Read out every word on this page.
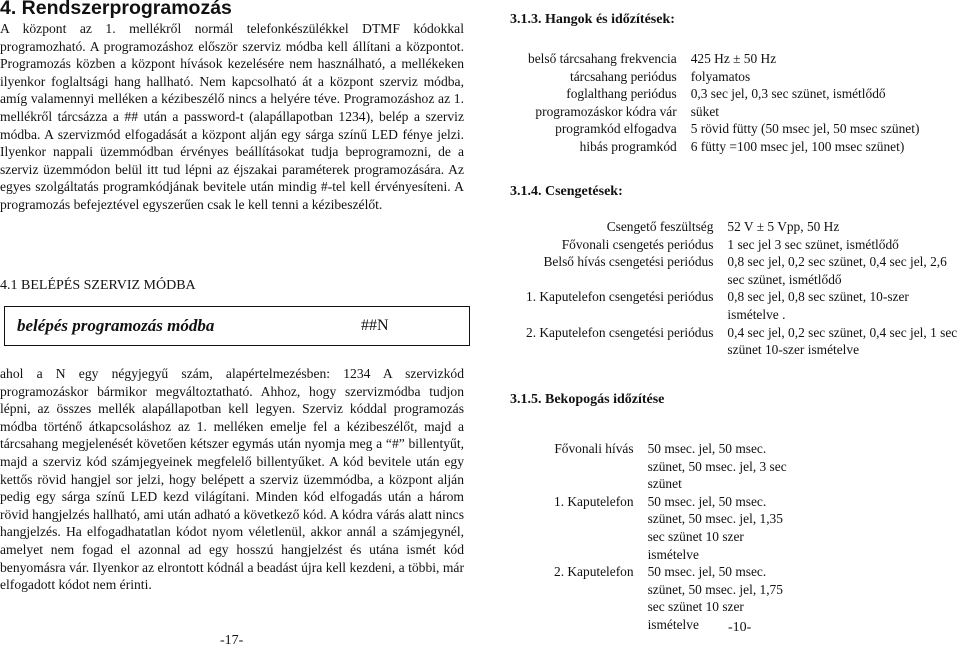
4. Rendszerprogramozás

A központ az 1. mellékről normál telefonkészülékkel DTMF kódokkal programozható. A programozáshoz először szerviz módba kell állítani a központot. Programozás közben a központ hívások kezelésére nem használható, a mellékeken ilyenkor foglaltsági hang hallható. Nem kapcsolható át a központ szerviz módba, amíg valamennyi melléken a kézibeszélő nincs a helyére téve. Programozáshoz az 1. mellékről tárcsázza a ## után a password-t (alapállapotban 1234), belép a szerviz módba. A szervizmód elfogadását a központ alján egy sárga színű LED fénye jelzi. Ilyenkor nappali üzemmódban érvényes beállításokat tudja beprogramozni, de a szerviz üzemmódon belül itt tud lépni az éjszakai paraméterek programozására. Az egyes szolgáltatás programkódjának bevitele után mindig #-tel kell érvényesíteni. A programozás befejeztével egyszerűen csak le kell tenni a kézibeszélőt.

4.1 BELÉPÉS SZERVIZ MÓDBA
belépés programozás módba	##N

ahol a N egy négyjegyű szám, alapértelmezésben: 1234 A szervizkód programozáskor bármikor megváltoztatható. Ahhoz, hogy szervizmódba tudjon lépni, az összes mellék alapállapotban kell legyen. Szerviz kóddal programozás módba történő átkapcsoláshoz az 1. melléken emelje fel a kézibeszélőt, majd a tárcsahang megjelenését követően kétszer egymás után nyomja meg a “#” billentyűt, majd a szerviz kód számjegyeinek megfelelő billentyűket. A kód bevitele után egy kettős rövid hangjel sor jelzi, hogy belépett a szerviz üzemmódba, a központ alján pedig egy sárga színű LED kezd világítani. Minden kód elfogadás után a három rövid hangjelzés hallható, ami után adható a következő kód. A kódra várás alatt nincs hangjelzés. Ha elfogadhatatlan kódot nyom véletlenül, akkor annál a számjegynél, amelyet nem fogad el azonnal ad egy hosszú hangjelzést és utána ismét kód benyomásra vár. Ilyenkor az elrontott kódnál a beadást újra kell kezdeni, a többi, már elfogadott kódot nem érinti.

-17-
3.1.3. Hangok és időzítések:
belső tárcsahang frekvencia	425 Hz ± 50 Hz
tárcsahang periódus	folyamatos
foglalthang periódus	0,3 sec jel, 0,3 sec szünet, ismétlődő
programozáskor kódra vár	süket
programkód elfogadva	5 rövid fütty (50 msec jel, 50 msec szünet)
hibás programkód	6 fütty =100 msec jel, 100 msec szünet)
3.1.4. Csengetések:
Csengető feszültség	52 V ± 5 Vpp, 50 Hz
Fővonali csengetés periódus	1 sec jel 3 sec szünet, ismétlődő
Belső hívás csengetési periódus	0,8 sec jel, 0,2 sec szünet, 0,4 sec jel, 2,6 sec szünet, ismétlődő
1. Kaputelefon csengetési periódus	0,8 sec jel, 0,8 sec szünet, 10-szer ismételve .
2. Kaputelefon csengetési periódus	0,4 sec jel, 0,2 sec szünet, 0,4 sec jel, 1 sec szünet 10-szer ismételve
3.1.5. Bekopogás időzítése
Fővonali hívás	50 msec. jel, 50 msec. szünet, 50 msec. jel, 3 sec szünet
1. Kaputelefon	50 msec. jel, 50 msec. szünet, 50 msec. jel, 1,35 sec szünet 10 szer ismételve
2. Kaputelefon	50 msec. jel, 50 msec. szünet, 50 msec. jel, 1,75 sec szünet 10 szer ismételve -10-
